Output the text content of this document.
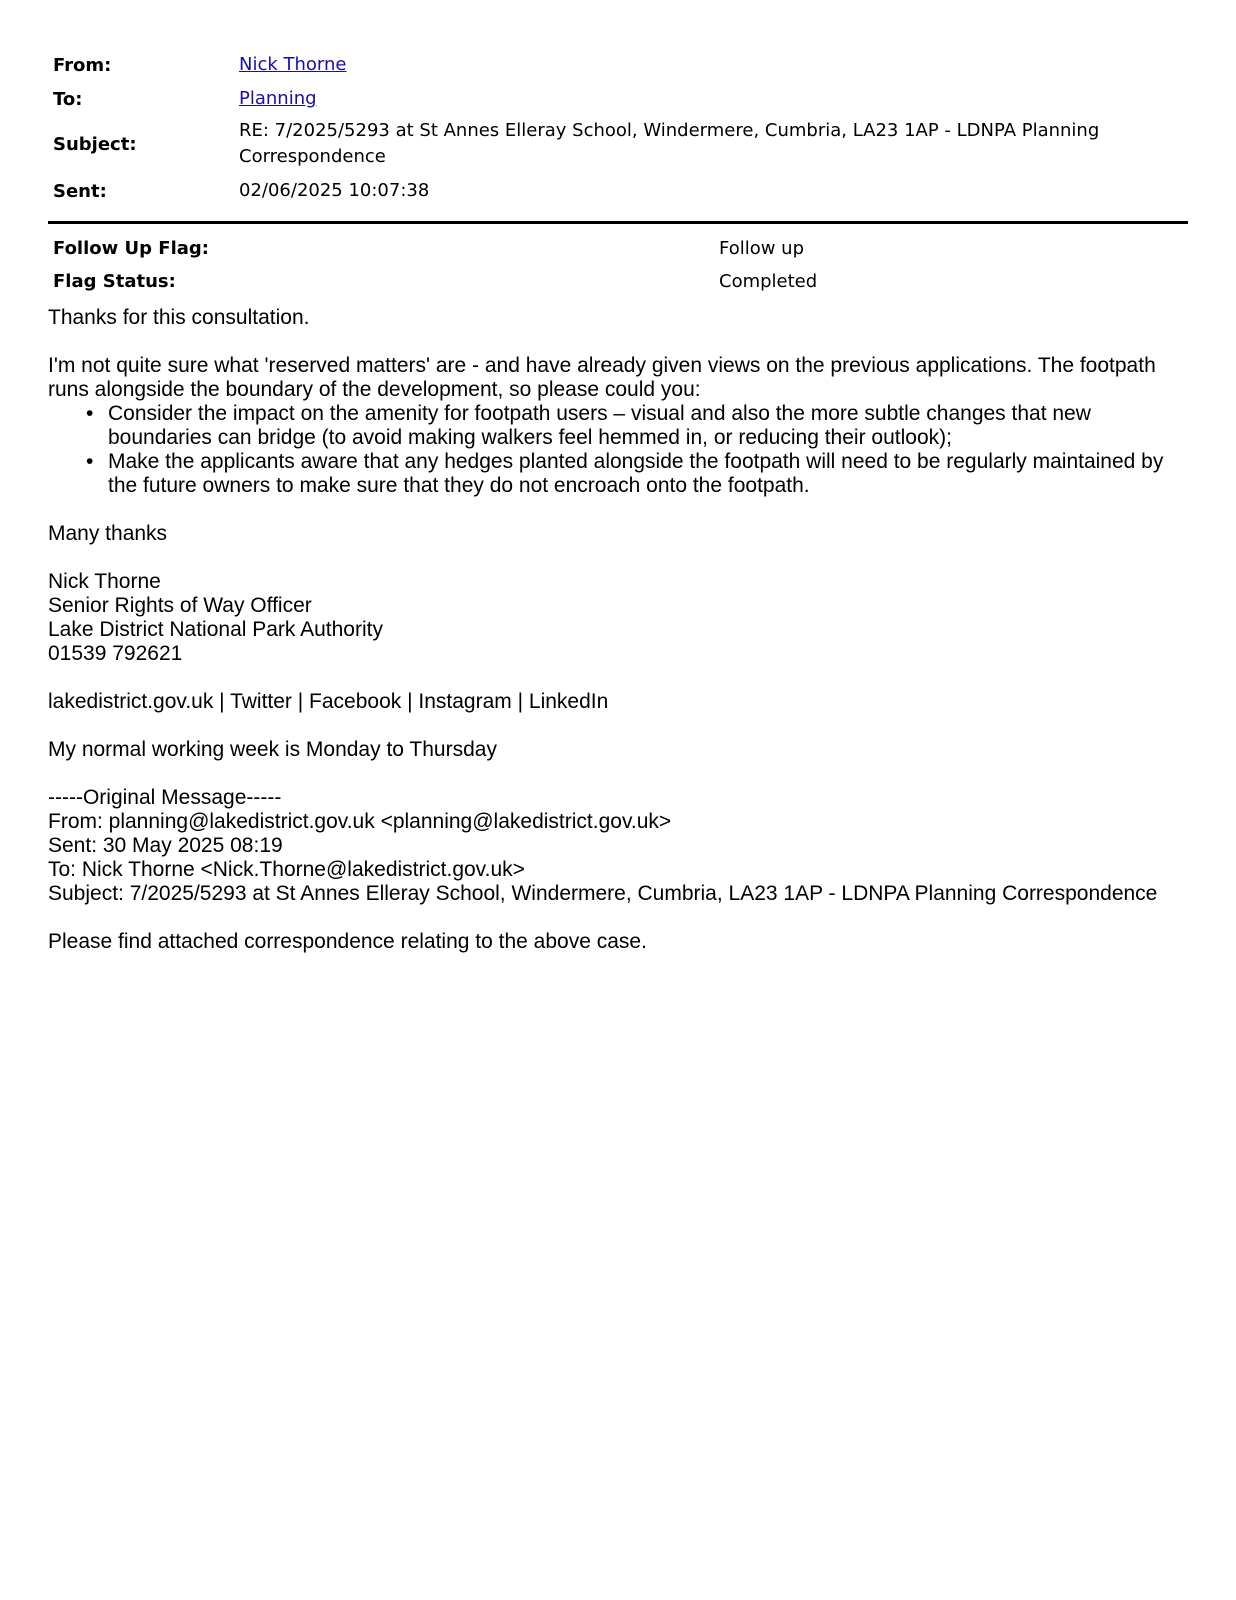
From:	Nick Thorne
To:	Planning
Subject:
RE: 7/2025/5293 at St Annes Elleray School, Windermere, Cumbria, LA23 1AP - LDNPA Planning Correspondence
Sent:	02/06/2025 10:07:38
Follow Up Flag:	Follow up
Flag Status:	Completed

Thanks for this consultation.

I'm not quite sure what 'reserved matters' are - and have already given views on the previous applications. The footpath runs alongside the boundary of the development, so please could you:

• Consider the impact on the amenity for footpath users – visual and also the more subtle changes that new boundaries can bridge (to avoid making walkers feel hemmed in, or reducing their outlook);
• Make the applicants aware that any hedges planted alongside the footpath will need to be regularly maintained by the future owners to make sure that they do not encroach onto the footpath.

Many thanks

Nick Thorne

Senior Rights of Way Officer

Lake District National Park Authority

01539 792621

lakedistrict.gov.uk | Twitter | Facebook | Instagram | LinkedIn

My normal working week is Monday to Thursday

-----Original Message-----

From: planning@lakedistrict.gov.uk <planning@lakedistrict.gov.uk>

Sent: 30 May 2025 08:19

To: Nick Thorne <Nick.Thorne@lakedistrict.gov.uk>

Subject: 7/2025/5293 at St Annes Elleray School, Windermere, Cumbria, LA23 1AP - LDNPA Planning Correspondence

Please find attached correspondence relating to the above case.
